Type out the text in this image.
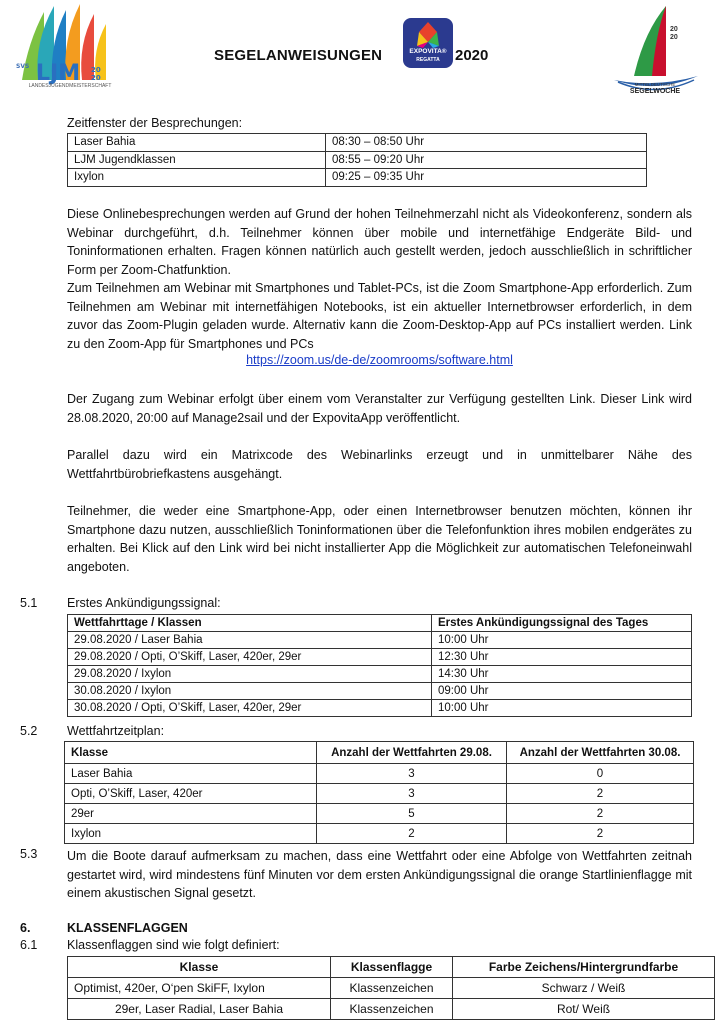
SVS LJM 20
20
LANDESJUGENDMEISTERSCHAFT
SEGELANWEISUNGEN	EXPOVITA®
REGATTA	2020
20
20
MITTELDEUTSCHE
SEGELWOCHE
Zeitfenster der Besprechungen:
Laser Bahia	08:30 – 08:50 Uhr
LJM Jugendklassen	08:55 – 09:20 Uhr
Ixylon	09:25 – 09:35 Uhr

Diese Onlinebesprechungen werden auf Grund der hohen Teilnehmerzahl nicht als Videokonferenz, sondern als Webinar durchgeführt, d.h. Teilnehmer können über mobile und internetfähige Endgeräte Bild- und Toninformationen erhalten. Fragen können natürlich auch gestellt werden, jedoch ausschließlich in schriftlicher Form per Zoom-Chatfunktion.

Zum Teilnehmen am Webinar mit Smartphones und Tablet-PCs, ist die Zoom Smartphone-App erforderlich. Zum Teilnehmen am Webinar mit internetfähigen Notebooks, ist ein aktueller Internetbrowser erforderlich, in dem zuvor das Zoom-Plugin geladen wurde. Alternativ kann die Zoom-Desktop-App auf PCs installiert werden. Link zu den Zoom-App für Smartphones und PCs

https://zoom.us/de-de/zoomrooms/software.html
Der Zugang zum Webinar erfolgt über einem vom Veranstalter zur Verfügung gestellten Link. Dieser Link wird 28.08.2020, 20:00 auf Manage2sail und der ExpovitaApp veröffentlicht.
Parallel dazu wird ein Matrixcode des Webinarlinks erzeugt und in unmittelbarer Nähe des Wettfahrtbürobriefkastens ausgehängt.
Teilnehmer, die weder eine Smartphone-App, oder einen Internetbrowser benutzen möchten, können ihr Smartphone dazu nutzen, ausschließlich Toninformationen über die Telefonfunktion ihres mobilen endgerätes zu erhalten. Bei Klick auf den Link wird bei nicht installierter App die Möglichkeit zur automatischen Telefoneinwahl angeboten.
5.1 Erstes Ankündigungssignal:
Wettfahrttage / Klassen	Erstes Ankündigungssignal des Tages
29.08.2020 / Laser Bahia	10:00 Uhr
29.08.2020 / Opti, O’Skiff, Laser, 420er, 29er	12:30 Uhr
29.08.2020 / Ixylon	14:30 Uhr
30.08.2020 / Ixylon	09:00 Uhr
30.08.2020 / Opti, O’Skiff, Laser, 420er, 29er	10:00 Uhr
5.2 Wettfahrtzeitplan:
Klasse	Anzahl der Wettfahrten 29.08.	Anzahl der Wettfahrten 30.08.
Laser Bahia	3	0
Opti, O’Skiff, Laser, 420er	3	2
29er	5	2
Ixylon	2	2
5.3 Um die Boote darauf aufmerksam zu machen, dass eine Wettfahrt oder eine Abfolge von Wettfahrten zeitnah gestartet wird, wird mindestens fünf Minuten vor dem ersten Ankündigungssignal die orange Startlinienflagge mit einem akustischen Signal gesetzt.
6.	KLASSENFLAGGEN
6.1 Klassenflaggen sind wie folgt definiert:
Klasse	Klassenflagge	Farbe Zeichens/Hintergrundfarbe
Optimist, 420er, O‘pen SkiFF, Ixylon	Klassenzeichen	Schwarz / Weiß
29er, Laser Radial, Laser Bahia	Klassenzeichen	Rot/ Weiß
